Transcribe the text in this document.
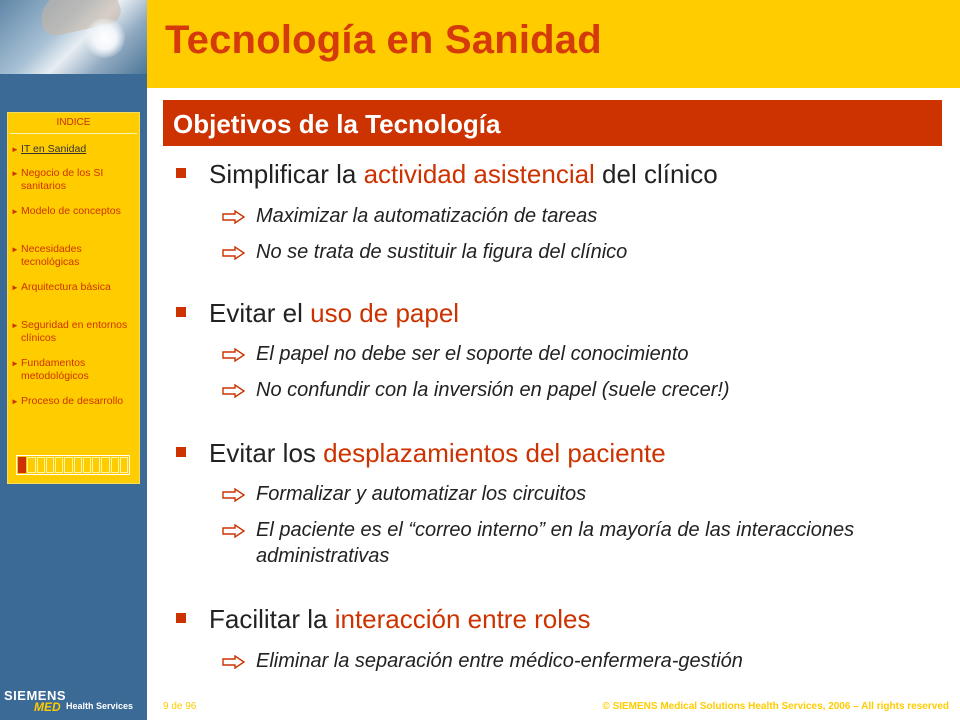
Tecnología en Sanidad
Objetivos de la Tecnología
INDICE
► IT en Sanidad
► Negocio de los SI sanitarios
► Modelo de conceptos
► Necesidades tecnológicas
► Arquitectura básica
► Seguridad en entornos clínicos
► Fundamentos metodológicos
► Proceso de desarrollo
Simplificar la actividad asistencial del clínico
Maximizar la automatización de tareas
No se trata de sustituir la figura del clínico
Evitar el uso de papel
El papel no debe ser el soporte del conocimiento
No confundir con la inversión en papel (suele crecer!)
Evitar los desplazamientos del paciente
Formalizar y automatizar los circuitos
El paciente es el “correo interno” en la mayoría de las interacciones administrativas
Facilitar la interacción entre roles
Eliminar la separación entre médico-enfermera-gestión
SIEMENS
MED Health Services	9 de 96	© SIEMENS Medical Solutions Health Services, 2006 – All rights reserved
